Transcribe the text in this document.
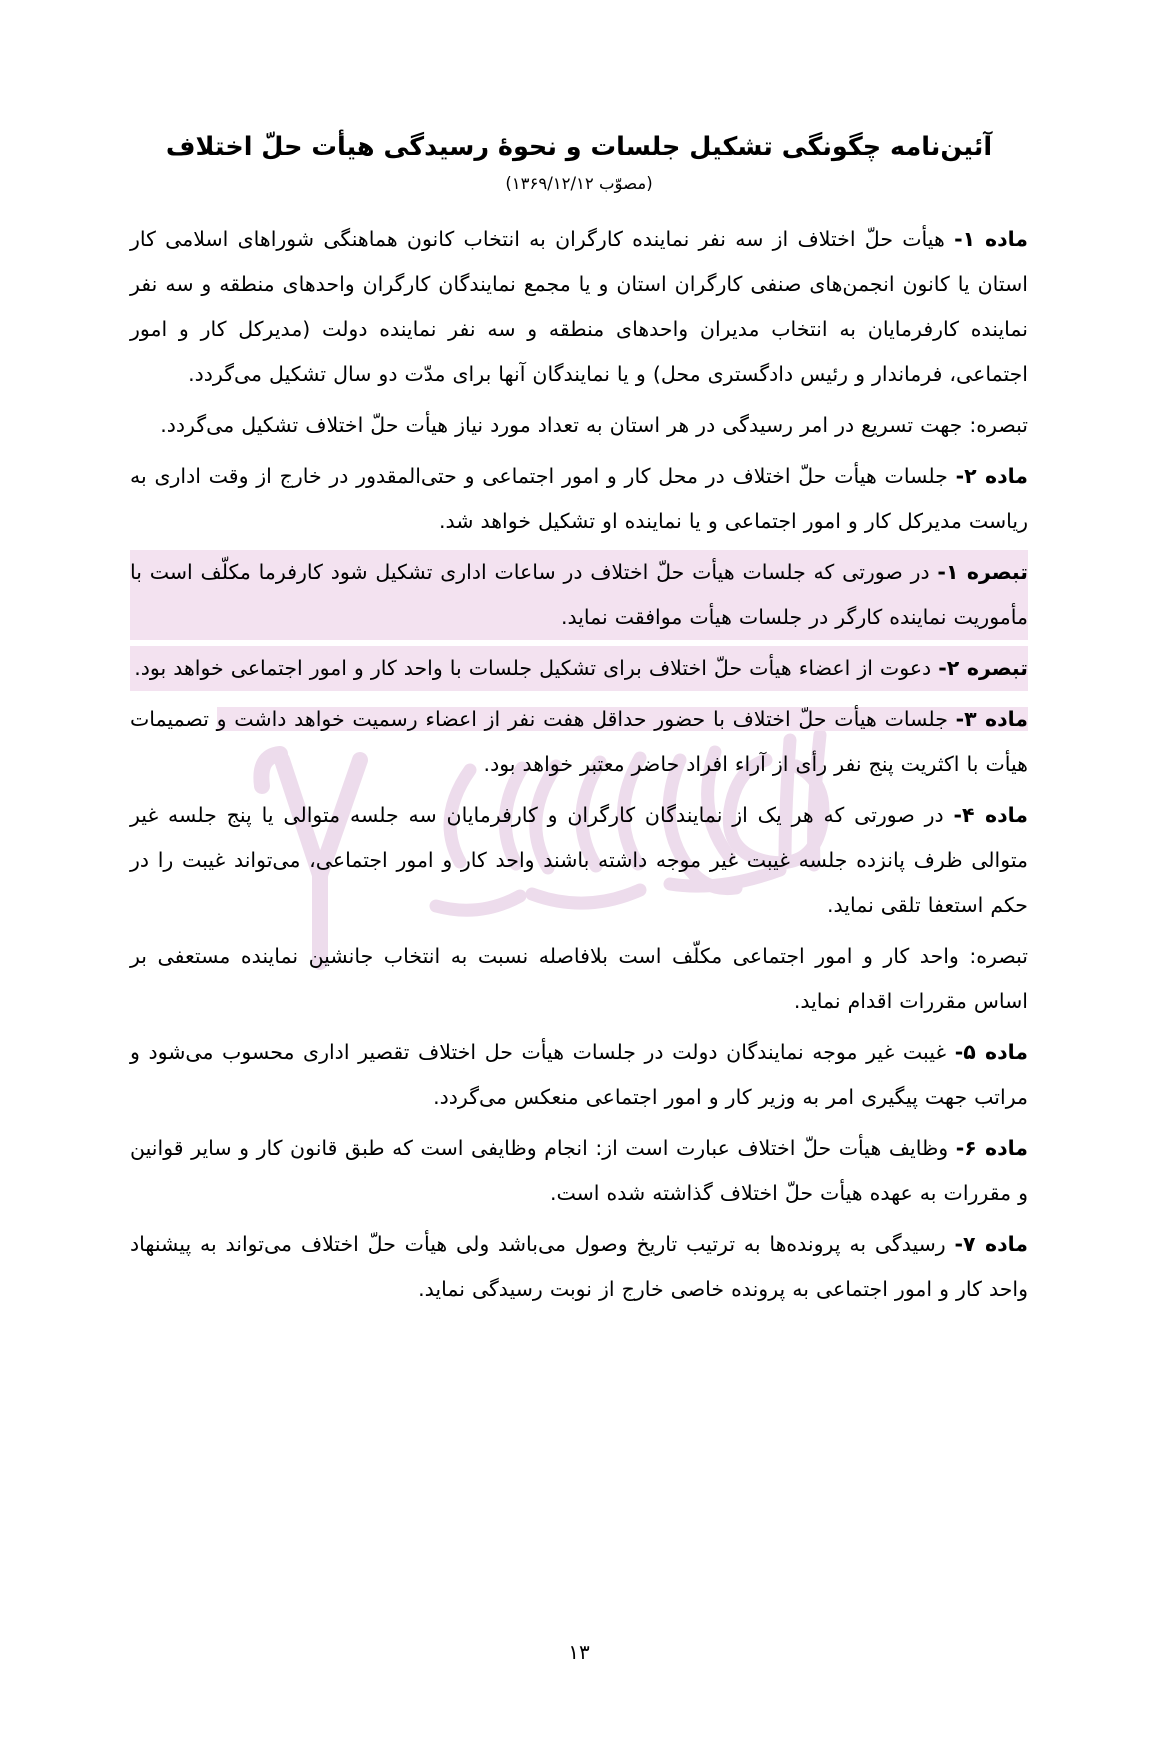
آئین‌نامه چگونگی تشکیل جلسات و نحوهٔ رسیدگی هیأت حلّ اختلاف
(مصوّب ۱۳۶۹/۱۲/۱۲)

ماده ۱- هیأت حلّ اختلاف از سه نفر نماینده کارگران به انتخاب کانون هماهنگی شوراهای اسلامی کار استان یا کانون انجمن‌های صنفی کارگران استان و یا مجمع نمایندگان کارگران واحدهای منطقه و سه نفر نماینده کارفرمایان به انتخاب مدیران واحدهای منطقه و سه نفر نماینده دولت (مدیرکل کار و امور اجتماعی، فرماندار و رئیس دادگستری محل) و یا نمایندگان آنها برای مدّت دو سال تشکیل می‌گردد.

تبصره: جهت تسریع در امر رسیدگی در هر استان به تعداد مورد نیاز هیأت حلّ اختلاف تشکیل می‌گردد.

ماده ۲- جلسات هیأت حلّ اختلاف در محل کار و امور اجتماعی و حتی‌المقدور در خارج از وقت اداری به ریاست مدیرکل کار و امور اجتماعی و یا نماینده او تشکیل خواهد شد.

تبصره ۱- در صورتی که جلسات هیأت حلّ اختلاف در ساعات اداری تشکیل شود کارفرما مکلّف است با مأموریت نماینده کارگر در جلسات هیأت موافقت نماید.

تبصره ۲- دعوت از اعضاء هیأت حلّ اختلاف برای تشکیل جلسات با واحد کار و امور اجتماعی خواهد بود.

ماده ۳- جلسات هیأت حلّ اختلاف با حضور حداقل هفت نفر از اعضاء رسمیت خواهد داشت و تصمیمات هیأت با اکثریت پنج نفر رأی از آراء افراد حاضر معتبر خواهد بود.

ماده ۴- در صورتی که هر یک از نمایندگان کارگران و کارفرمایان سه جلسه متوالی یا پنج جلسه غیر متوالی ظرف پانزده جلسه غیبت غیر موجه داشته باشند واحد کار و امور اجتماعی، می‌تواند غیبت را در حکم استعفا تلقی نماید.

تبصره: واحد کار و امور اجتماعی مکلّف است بلافاصله نسبت به انتخاب جانشین نماینده مستعفی بر اساس مقررات اقدام نماید.

ماده ۵- غیبت غیر موجه نمایندگان دولت در جلسات هیأت حل اختلاف تقصیر اداری محسوب می‌شود و مراتب جهت پیگیری امر به وزیر کار و امور اجتماعی منعکس می‌گردد.

ماده ۶- وظایف هیأت حلّ اختلاف عبارت است از: انجام وظایفی است که طبق قانون کار و سایر قوانین و مقررات به عهده هیأت حلّ اختلاف گذاشته شده است.

ماده ۷- رسیدگی به پرونده‌ها به ترتیب تاریخ وصول می‌باشد ولی هیأت حلّ اختلاف می‌تواند به پیشنهاد واحد کار و امور اجتماعی به پرونده خاصی خارج از نوبت رسیدگی نماید.

۱۳
